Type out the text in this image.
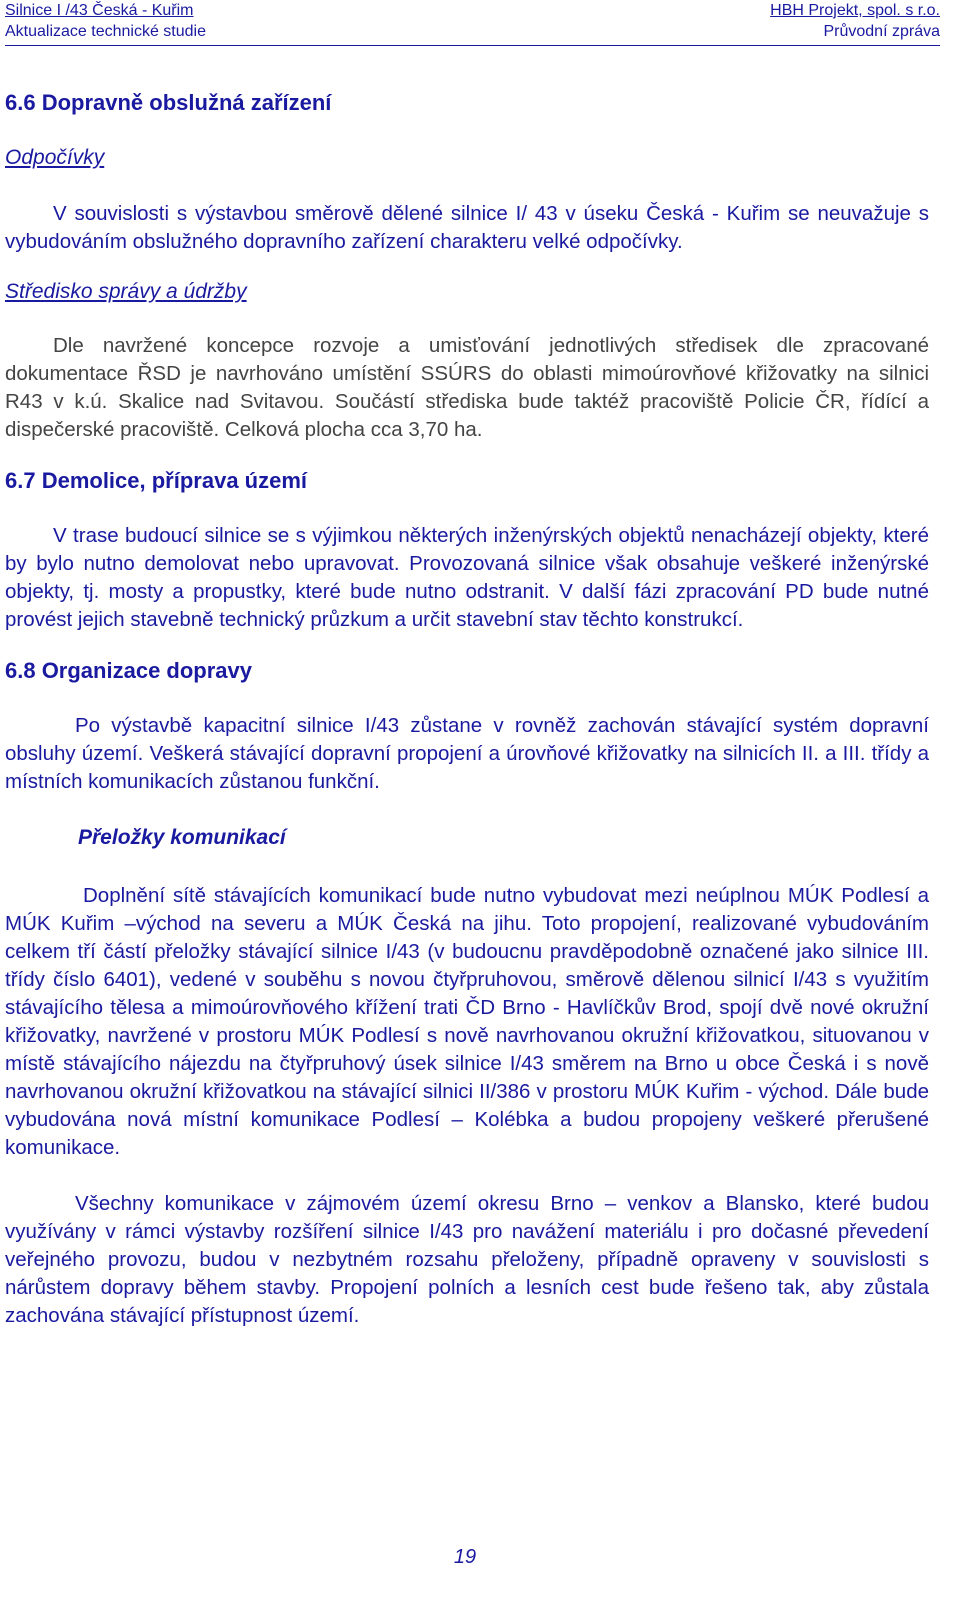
Silnice I /43 Česká - Kuřim
Aktualizace technické studie
HBH Projekt, spol. s r.o.
Průvodní zpráva
6.6 Dopravně obslužná zařízení
Odpočívky

V souvislosti s výstavbou směrově dělené silnice I/ 43 v úseku Česká - Kuřim se neuvažuje s vybudováním obslužného dopravního zařízení charakteru velké odpočívky.

Středisko správy a údržby

Dle navržené koncepce rozvoje a umisťování jednotlivých středisek dle zpracované dokumentace ŘSD je navrhováno umístění SSÚRS do oblasti mimoúrovňové křižovatky na silnici R43 v k.ú. Skalice nad Svitavou. Součástí střediska bude taktéž pracoviště Policie ČR, řídící a dispečerské pracoviště. Celková plocha cca 3,70 ha.

6.7 Demolice, příprava území

V trase budoucí silnice se s výjimkou některých inženýrských objektů nenacházejí objekty, které by bylo nutno demolovat nebo upravovat. Provozovaná silnice však obsahuje veškeré inženýrské objekty, tj. mosty a propustky, které bude nutno odstranit. V další fázi zpracování PD bude nutné provést jejich stavebně technický průzkum a určit stavební stav těchto konstrukcí.

6.8 Organizace dopravy

Po výstavbě kapacitní silnice I/43 zůstane v rovněž zachován stávající systém dopravní obsluhy území. Veškerá stávající dopravní propojení a úrovňové křižovatky na silnicích II. a III. třídy a místních komunikacích zůstanou funkční.

Přeložky komunikací

Doplnění sítě stávajících komunikací bude nutno vybudovat mezi neúplnou MÚK Podlesí a MÚK Kuřim –východ na severu a MÚK Česká na jihu. Toto propojení, realizované vybudováním celkem tří částí přeložky stávající silnice I/43 (v budoucnu pravděpodobně označené jako silnice III. třídy číslo 6401), vedené v souběhu s novou čtyřpruhovou, směrově dělenou silnicí I/43 s využitím stávajícího tělesa a mimoúrovňového křížení trati ČD Brno - Havlíčkův Brod, spojí dvě nové okružní křižovatky, navržené v prostoru MÚK Podlesí s nově navrhovanou okružní křižovatkou, situovanou v místě stávajícího nájezdu na čtyřpruhový úsek silnice I/43 směrem na Brno u obce Česká i s nově navrhovanou okružní křižovatkou na stávající silnici II/386 v prostoru MÚK Kuřim - východ. Dále bude vybudována nová místní komunikace Podlesí – Kolébka a budou propojeny veškeré přerušené komunikace.

Všechny komunikace v zájmovém území okresu Brno – venkov a Blansko, které budou využívány v rámci výstavby rozšíření silnice I/43 pro navážení materiálu i pro dočasné převedení veřejného provozu, budou v nezbytném rozsahu přeloženy, případně opraveny v souvislosti s nárůstem dopravy během stavby. Propojení polních a lesních cest bude řešeno tak, aby zůstala zachována stávající přístupnost území.

19
